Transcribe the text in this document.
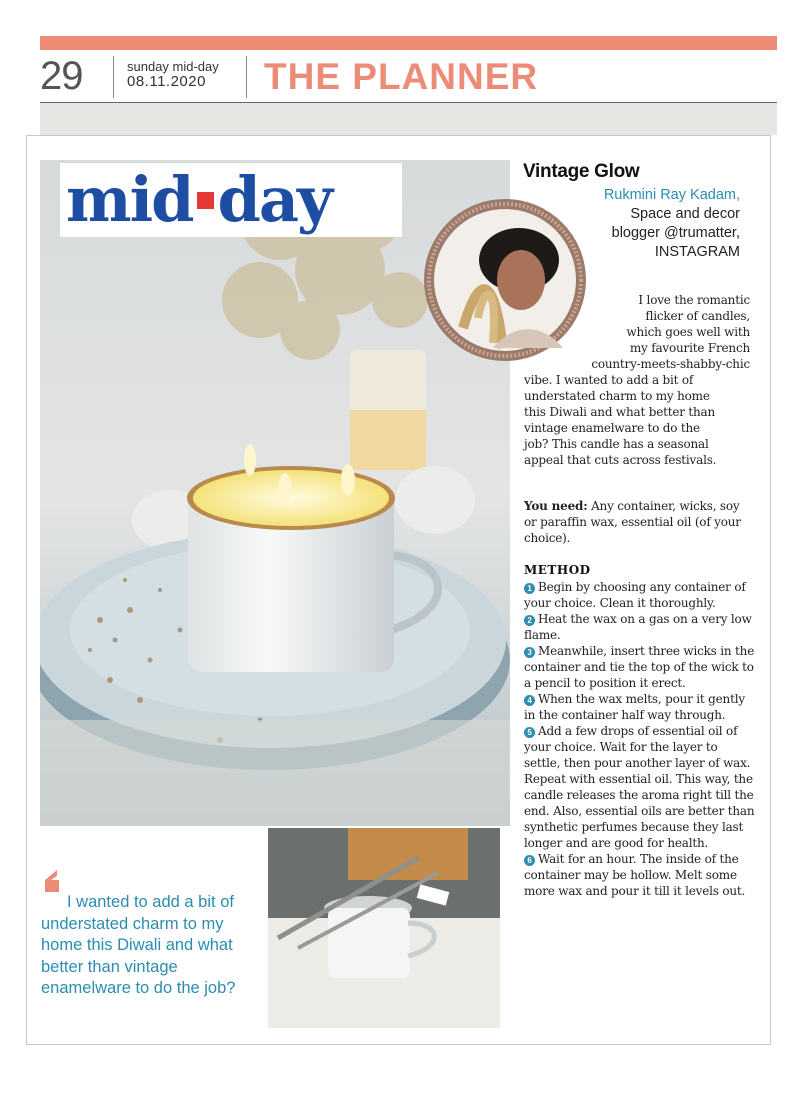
29	sunday mid-day
08.11.2020	THE PLANNER
mid day
I wanted to add a bit of understated charm to my home this Diwali and what better than vintage enamelware to do the job?
Vintage Glow
Rukmini Ray Kadam,
Space and decor
blogger @trumatter,
INSTAGRAM
I love the romantic
flicker of candles,
which goes well with
my favourite French
country-meets-shabby-chic
vibe. I wanted to add a bit of
understated charm to my home
this Diwali and what better than
vintage enamelware to do the
job? This candle has a seasonal
appeal that cuts across festivals.
You need: Any container, wicks, soy or paraffin wax, essential oil (of your choice).
METHOD

1 Begin by choosing any container of your choice. Clean it thoroughly.

2 Heat the wax on a gas on a very low flame.

3 Meanwhile, insert three wicks in the container and tie the top of the wick to a pencil to position it erect.

4 When the wax melts, pour it gently in the container half way through.

5 Add a few drops of essential oil of your choice. Wait for the layer to settle, then pour another layer of wax. Repeat with essential oil. This way, the candle releases the aroma right till the end. Also, essential oils are better than synthetic perfumes because they last longer and are good for health.

6 Wait for an hour. The inside of the container may be hollow. Melt some more wax and pour it till it levels out.
